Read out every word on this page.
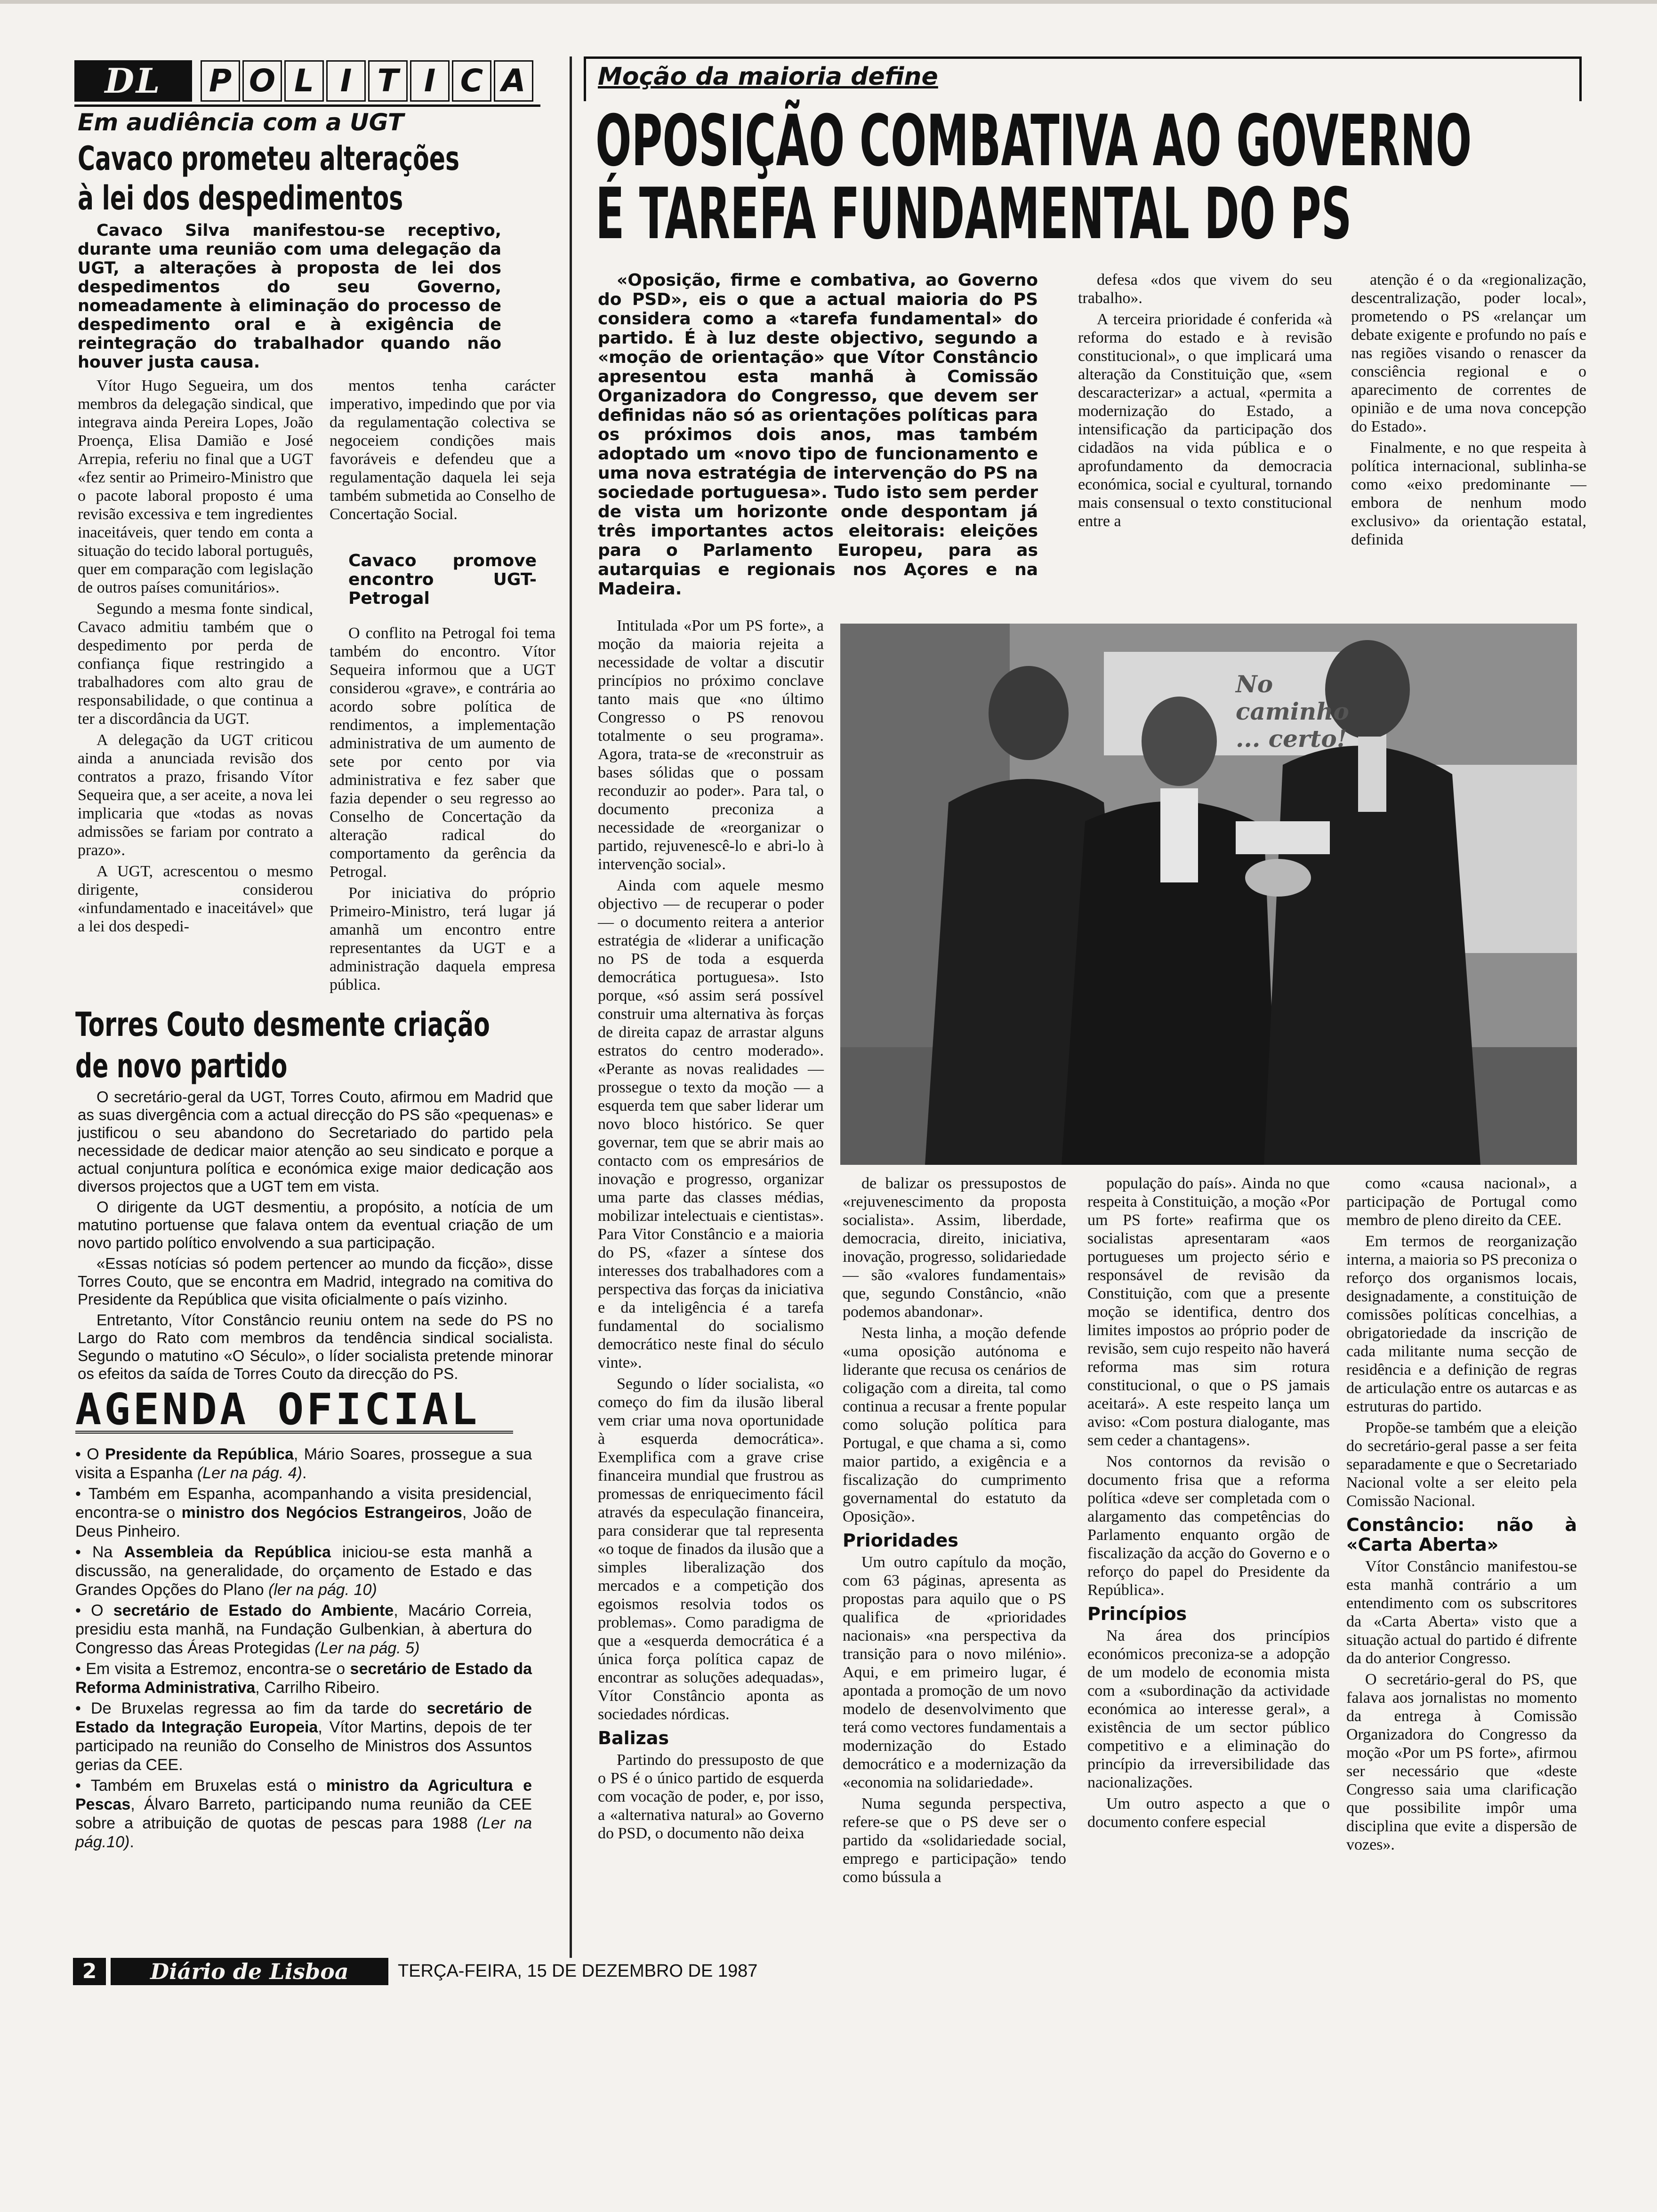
DL	P O L I T I C A
Em audiência com a UGT
Cavaco prometeu alterações
à lei dos despedimentos

Cavaco Silva manifestou-se receptivo, durante uma reunião com uma delegação da UGT, a alterações à proposta de lei dos despedimentos do seu Governo, nomeadamente à eliminação do processo de despedimento oral e à exigência de reintegração do trabalhador quando não houver justa causa.

Vítor Hugo Segueira, um dos membros da delegação sindical, que integrava ainda Pereira Lopes, João Proença, Elisa Damião e José Arrepia, referiu no final que a UGT «fez sentir ao Primeiro-Ministro que o pacote laboral proposto é uma revisão excessiva e tem ingredientes inaceitáveis, quer tendo em conta a situação do tecido laboral português, quer em comparação com legislação de outros países comunitários».

Segundo a mesma fonte sindical, Cavaco admitiu também que o despedimento por perda de confiança fique restringido a trabalhadores com alto grau de responsabilidade, o que continua a ter a discordância da UGT.

A delegação da UGT criticou ainda a anunciada revisão dos contratos a prazo, frisando Vítor Sequeira que, a ser aceite, a nova lei implicaria que «todas as novas admissões se fariam por contrato a prazo».

A UGT, acrescentou o mesmo dirigente, considerou «infundamentado e inaceitável» que a lei dos despedi-

mentos tenha carácter imperativo, impedindo que por via da regulamentação colectiva se negoceiem condições mais favoráveis e defendeu que a regulamentação daquela lei seja também submetida ao Conselho de Concertação Social.

Cavaco promove encontro UGT-Petrogal

O conflito na Petrogal foi tema também do encontro. Vítor Sequeira informou que a UGT considerou «grave», e contrária ao acordo sobre política de rendimentos, a implementação administrativa de um aumento de sete por cento por via administrativa e fez saber que fazia depender o seu regresso ao Conselho de Concertação da alteração radical do comportamento da gerência da Petrogal.

Por iniciativa do próprio Primeiro-Ministro, terá lugar já amanhã um encontro entre representantes da UGT e a administração daquela empresa pública.

Torres Couto desmente criação
de novo partido

O secretário-geral da UGT, Torres Couto, afirmou em Madrid que as suas divergência com a actual direcção do PS são «pequenas» e justificou o seu abandono do Secretariado do partido pela necessidade de dedicar maior atenção ao seu sindicato e porque a actual conjuntura política e económica exige maior dedicação aos diversos projectos que a UGT tem em vista.

O dirigente da UGT desmentiu, a propósito, a notícia de um matutino portuense que falava ontem da eventual criação de um novo partido político envolvendo a sua participação.

«Essas notícias só podem pertencer ao mundo da ficção», disse Torres Couto, que se encontra em Madrid, integrado na comitiva do Presidente da República que visita oficialmente o país vizinho.

Entretanto, Vítor Constâncio reuniu ontem na sede do PS no Largo do Rato com membros da tendência sindical socialista. Segundo o matutino «O Século», o líder socialista pretende minorar os efeitos da saída de Torres Couto da direcção do PS.

AGENDA OFICIAL

• O Presidente da República, Mário Soares, prossegue a sua visita a Espanha (Ler na pág. 4).

• Também em Espanha, acompanhando a visita presidencial, encontra-se o ministro dos Negócios Estrangeiros, João de Deus Pinheiro.

• Na Assembleia da República iniciou-se esta manhã a discussão, na generalidade, do orçamento de Estado e das Grandes Opções do Plano (ler na pág. 10)

• O secretário de Estado do Ambiente, Macário Correia, presidiu esta manhã, na Fundação Gulbenkian, à abertura do Congresso das Áreas Protegidas (Ler na pág. 5)

• Em visita a Estremoz, encontra-se o secretário de Estado da Reforma Administrativa, Carrilho Ribeiro.

• De Bruxelas regressa ao fim da tarde do secretário de Estado da Integração Europeia, Vítor Martins, depois de ter participado na reunião do Conselho de Ministros dos Assuntos gerias da CEE.

• Também em Bruxelas está o ministro da Agricultura e Pescas, Álvaro Barreto, participando numa reunião da CEE sobre a atribuição de quotas de pescas para 1988 (Ler na pág.10).

Moção da maioria define
OPOSIÇÃO COMBATIVA AO GOVERNO
É TAREFA FUNDAMENTAL DO PS

«Oposição, firme e combativa, ao Governo do PSD», eis o que a actual maioria do PS considera como a «tarefa fundamental» do partido. É à luz deste objectivo, segundo a «moção de orientação» que Vítor Constâncio apresentou esta manhã à Comissão Organizadora do Congresso, que devem ser definidas não só as orientações políticas para os próximos dois anos, mas também adoptado um «novo tipo de funcionamento e uma nova estratégia de intervenção do PS na sociedade portuguesa». Tudo isto sem perder de vista um horizonte onde despontam já três importantes actos eleitorais: eleições para o Parlamento Europeu, para as autarquias e regionais nos Açores e na Madeira.

defesa «dos que vivem do seu trabalho».

A terceira prioridade é conferida «à reforma do estado e à revisão constitucional», o que implicará uma alteração da Constituição que, «sem descaracterizar» a actual, «permita a modernização do Estado, a intensificação da participação dos cidadãos na vida pública e o aprofundamento da democracia económica, social e cyultural, tornando mais consensual o texto constitucional entre a

atenção é o da «regionalização, descentralização, poder local», prometendo o PS «relançar um debate exigente e profundo no país e nas regiões visando o renascer da consciência regional e o aparecimento de correntes de opinião e de uma nova concepção do Estado».

Finalmente, e no que respeita à política internacional, sublinha-se como «eixo predominante — embora de nenhum modo exclusivo» da orientação estatal, definida

No caminho ... certo!

Intitulada «Por um PS forte», a moção da maioria rejeita a necessidade de voltar a discutir princípios no próximo conclave tanto mais que «no último Congresso o PS renovou totalmente o seu programa». Agora, trata-se de «reconstruir as bases sólidas que o possam reconduzir ao poder». Para tal, o documento preconiza a necessidade de «reorganizar o partido, rejuvenescê-lo e abri-lo à intervenção social».

Ainda com aquele mesmo objectivo — de recuperar o poder — o documento reitera a anterior estratégia de «liderar a unificação no PS de toda a esquerda democrática portuguesa». Isto porque, «só assim será possível construir uma alternativa às forças de direita capaz de arrastar alguns estratos do centro moderado». «Perante as novas realidades — prossegue o texto da moção — a esquerda tem que saber liderar um novo bloco histórico. Se quer governar, tem que se abrir mais ao contacto com os empresários de inovação e progresso, organizar uma parte das classes médias, mobilizar intelectuais e cientistas». Para Vitor Constâncio e a maioria do PS, «fazer a síntese dos interesses dos trabalhadores com a perspectiva das forças da iniciativa e da inteligência é a tarefa fundamental do socialismo democrático neste final do século vinte».

Segundo o líder socialista, «o começo do fim da ilusão liberal vem criar uma nova oportunidade à esquerda democrática». Exemplifica com a grave crise financeira mundial que frustrou as promessas de enriquecimento fácil através da especulação financeira, para considerar que tal representa «o toque de finados da ilusão que a simples liberalização dos mercados e a competição dos egoismos resolvia todos os problemas». Como paradigma de que a «esquerda democrática é a única força política capaz de encontrar as soluções adequadas», Vítor Constâncio aponta as sociedades nórdicas.

Balizas

Partindo do pressuposto de que o PS é o único partido de esquerda com vocação de poder, e, por isso, a «alternativa natural» ao Governo do PSD, o documento não deixa

de balizar os pressupostos de «rejuvenescimento da proposta socialista». Assim, liberdade, democracia, direito, iniciativa, inovação, progresso, solidariedade — são «valores fundamentais» que, segundo Constâncio, «não podemos abandonar».

Nesta linha, a moção defende «uma oposição autónoma e liderante que recusa os cenários de coligação com a direita, tal como continua a recusar a frente popular como solução política para Portugal, e que chama a si, como maior partido, a exigência e a fiscalização do cumprimento governamental do estatuto da Oposição».

Prioridades

Um outro capítulo da moção, com 63 páginas, apresenta as propostas para aquilo que o PS qualifica de «prioridades nacionais» «na perspectiva da transição para o novo milénio». Aqui, e em primeiro lugar, é apontada a promoção de um novo modelo de desenvolvimento que terá como vectores fundamentais a modernização do Estado democrático e a modernização da «economia na solidariedade».

Numa segunda perspectiva, refere-se que o PS deve ser o partido da «solidariedade social, emprego e participação» tendo como bússula a

população do país». Ainda no que respeita à Constituição, a moção «Por um PS forte» reafirma que os socialistas apresentaram «aos portugueses um projecto sério e responsável de revisão da Constituição, com que a presente moção se identifica, dentro dos limites impostos ao próprio poder de revisão, sem cujo respeito não haverá reforma mas sim rotura constitucional, o que o PS jamais aceitará». A este respeito lança um aviso: «Com postura dialogante, mas sem ceder a chantagens».

Nos contornos da revisão o documento frisa que a reforma política «deve ser completada com o alargamento das competências do Parlamento enquanto orgão de fiscalização da acção do Governo e o reforço do papel do Presidente da República».

Princípios

Na área dos princípios económicos preconiza-se a adopção de um modelo de economia mista com a «subordinação da actividade económica ao interesse geral», a existência de um sector público competitivo e a eliminação do princípio da irreversibilidade das nacionalizações.

Um outro aspecto a que o documento confere especial

como «causa nacional», a participação de Portugal como membro de pleno direito da CEE.

Em termos de reorganização interna, a maioria so PS preconiza o reforço dos organismos locais, designadamente, a constituição de comissões políticas concelhias, a obrigatoriedade da inscrição de cada militante numa secção de residência e a definição de regras de articulação entre os autarcas e as estruturas do partido.

Propõe-se também que a eleição do secretário-geral passe a ser feita separadamente e que o Secretariado Nacional volte a ser eleito pela Comissão Nacional.

Constâncio: não à «Carta Aberta»

Vítor Constâncio manifestou-se esta manhã contrário a um entendimento com os subscritores da «Carta Aberta» visto que a situação actual do partido é difrente da do anterior Congresso.

O secretário-geral do PS, que falava aos jornalistas no momento da entrega à Comissão Organizadora do Congresso da moção «Por um PS forte», afirmou ser necessário que «deste Congresso saia uma clarificação que possibilite impôr uma disciplina que evite a dispersão de vozes».

2	Diário de Lisboa	TERÇA-FEIRA, 15 DE DEZEMBRO DE 1987
